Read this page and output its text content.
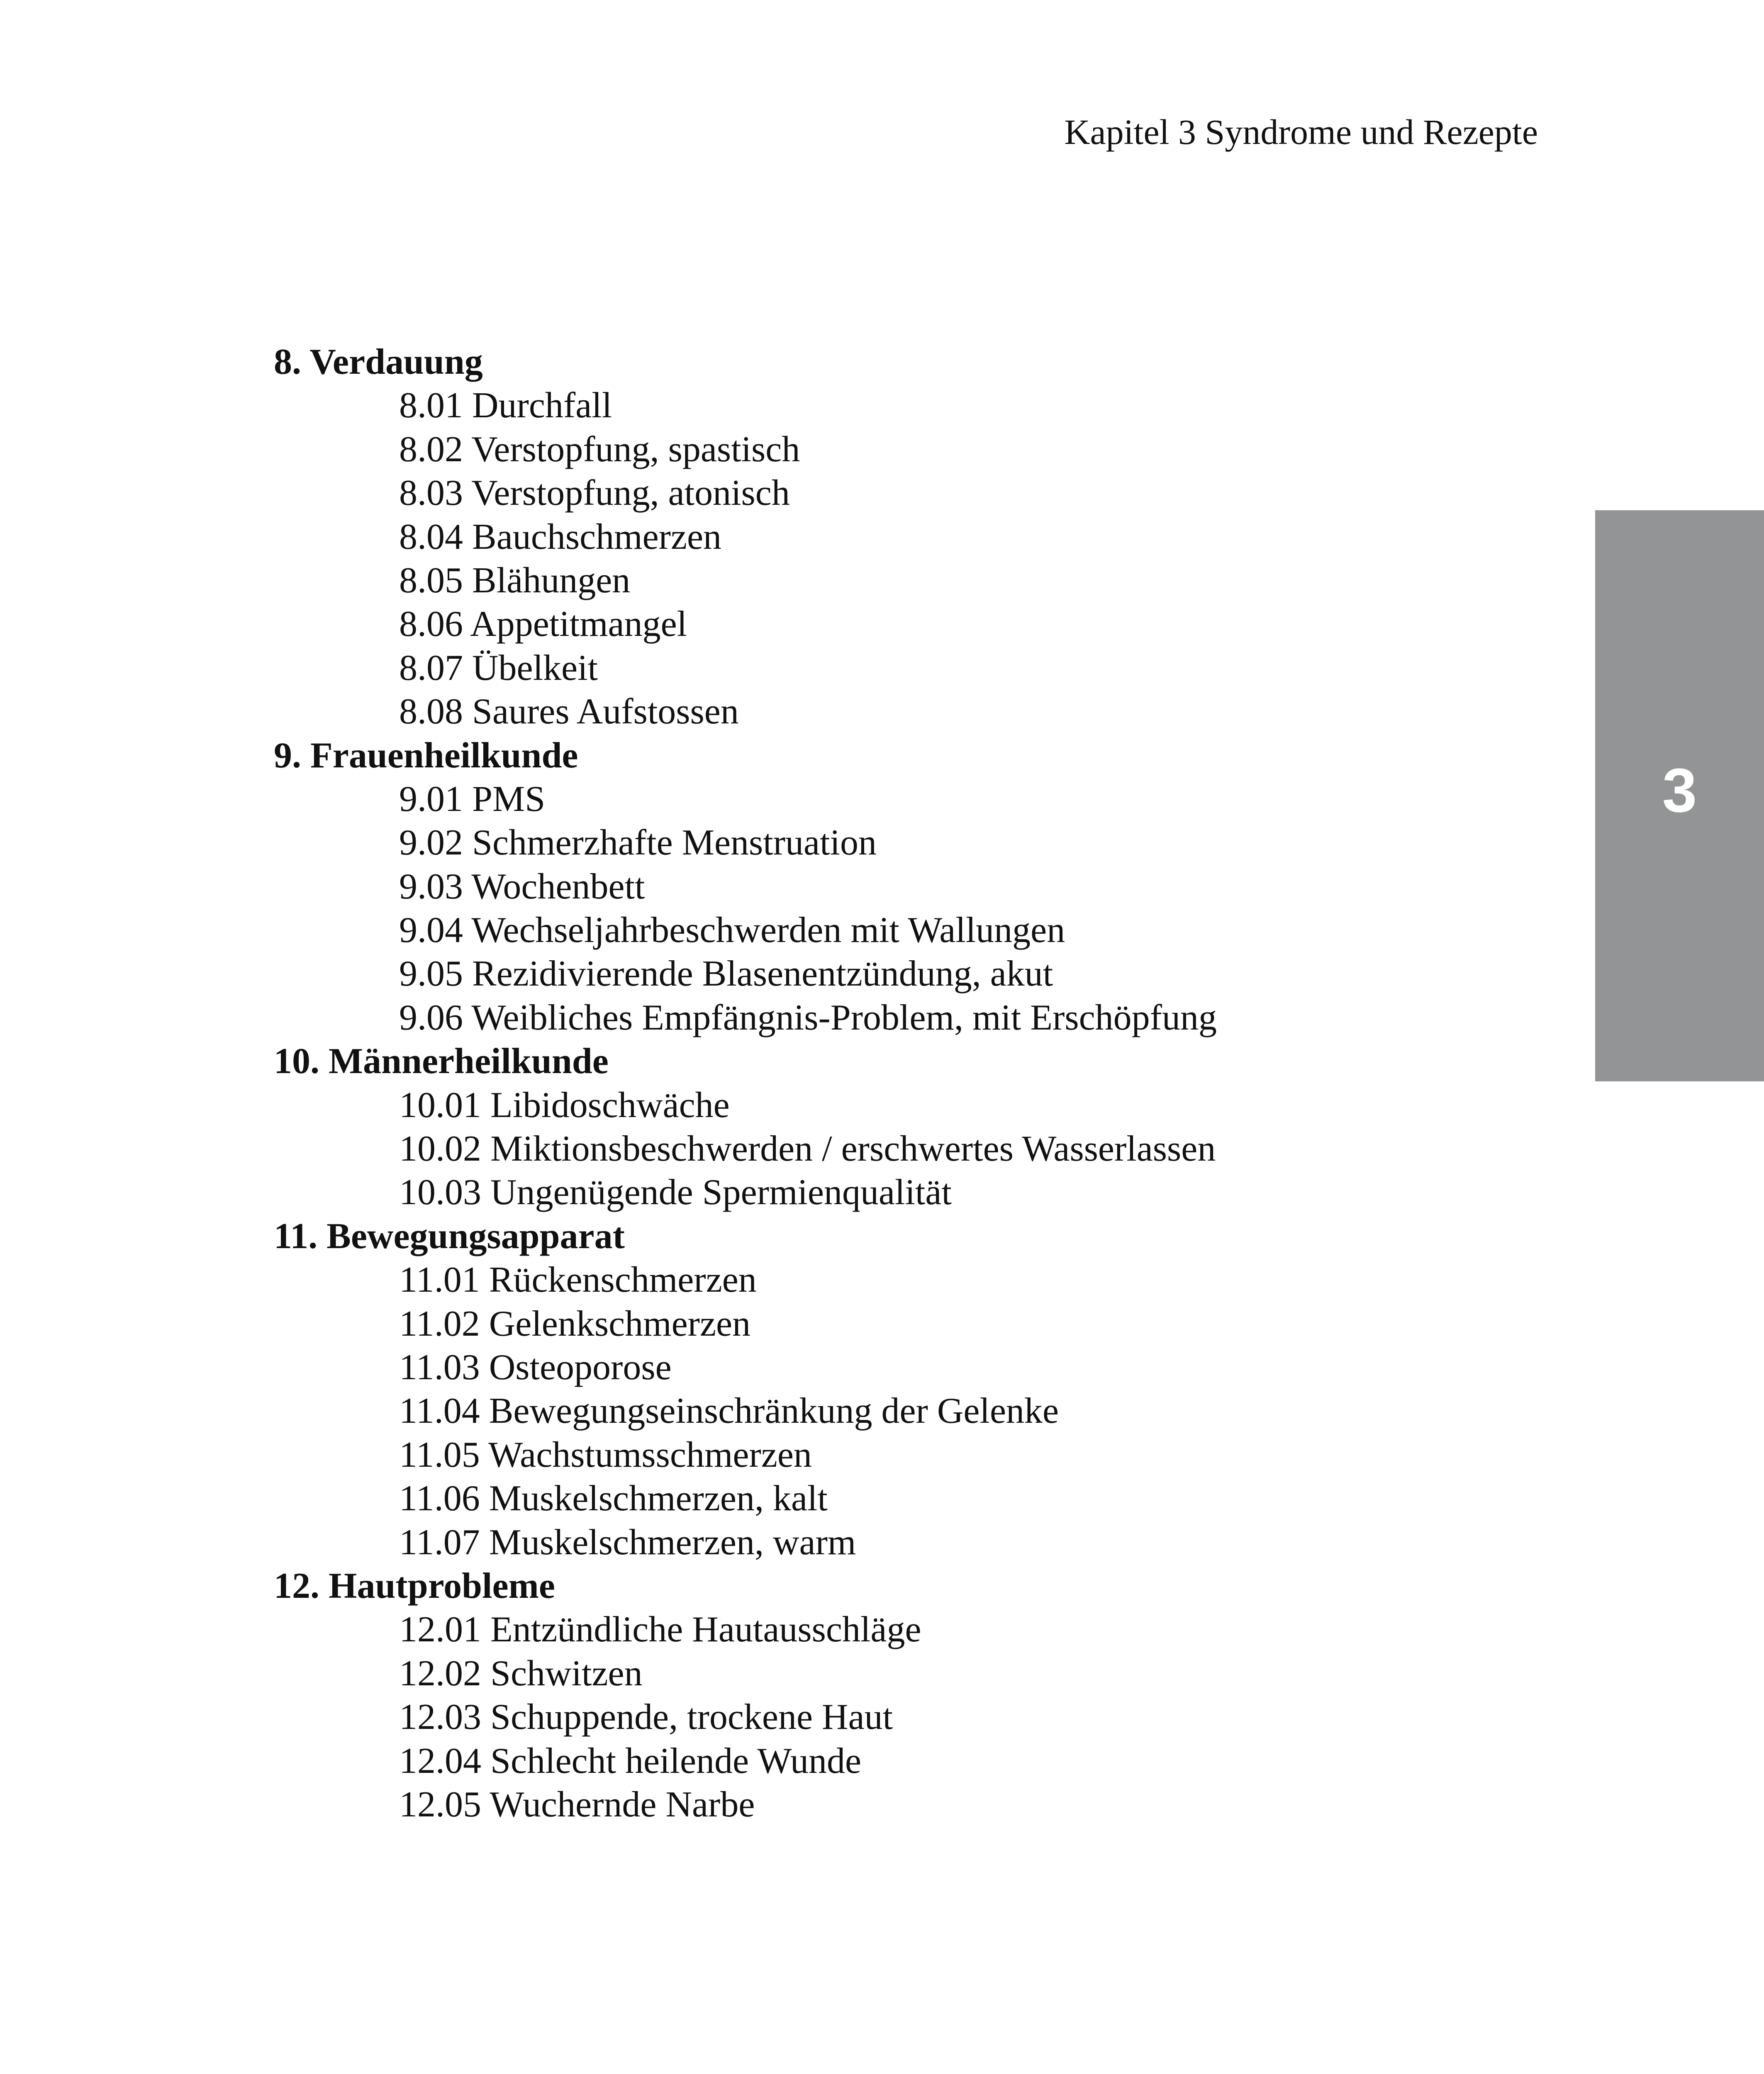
Kapitel 3 Syndrome und Rezepte
3
8. Verdauung
8.01 Durchfall
8.02 Verstopfung, spastisch
8.03 Verstopfung, atonisch
8.04 Bauchschmerzen
8.05 Blähungen
8.06 Appetitmangel
8.07 Übelkeit
8.08 Saures Aufstossen
9. Frauenheilkunde
9.01 PMS
9.02 Schmerzhafte Menstruation
9.03 Wochenbett
9.04 Wechseljahrbeschwerden mit Wallungen
9.05 Rezidivierende Blasenentzündung, akut
9.06 Weibliches Empfängnis-Problem, mit Erschöpfung
10. Männerheilkunde
10.01 Libidoschwäche
10.02 Miktionsbeschwerden / erschwertes Wasserlassen
10.03 Ungenügende Spermienqualität
11. Bewegungsapparat
11.01 Rückenschmerzen
11.02 Gelenkschmerzen
11.03 Osteoporose
11.04 Bewegungseinschränkung der Gelenke
11.05 Wachstumsschmerzen
11.06 Muskelschmerzen, kalt
11.07 Muskelschmerzen, warm
12. Hautprobleme
12.01 Entzündliche Hautausschläge
12.02 Schwitzen
12.03 Schuppende, trockene Haut
12.04 Schlecht heilende Wunde
12.05 Wuchernde Narbe
